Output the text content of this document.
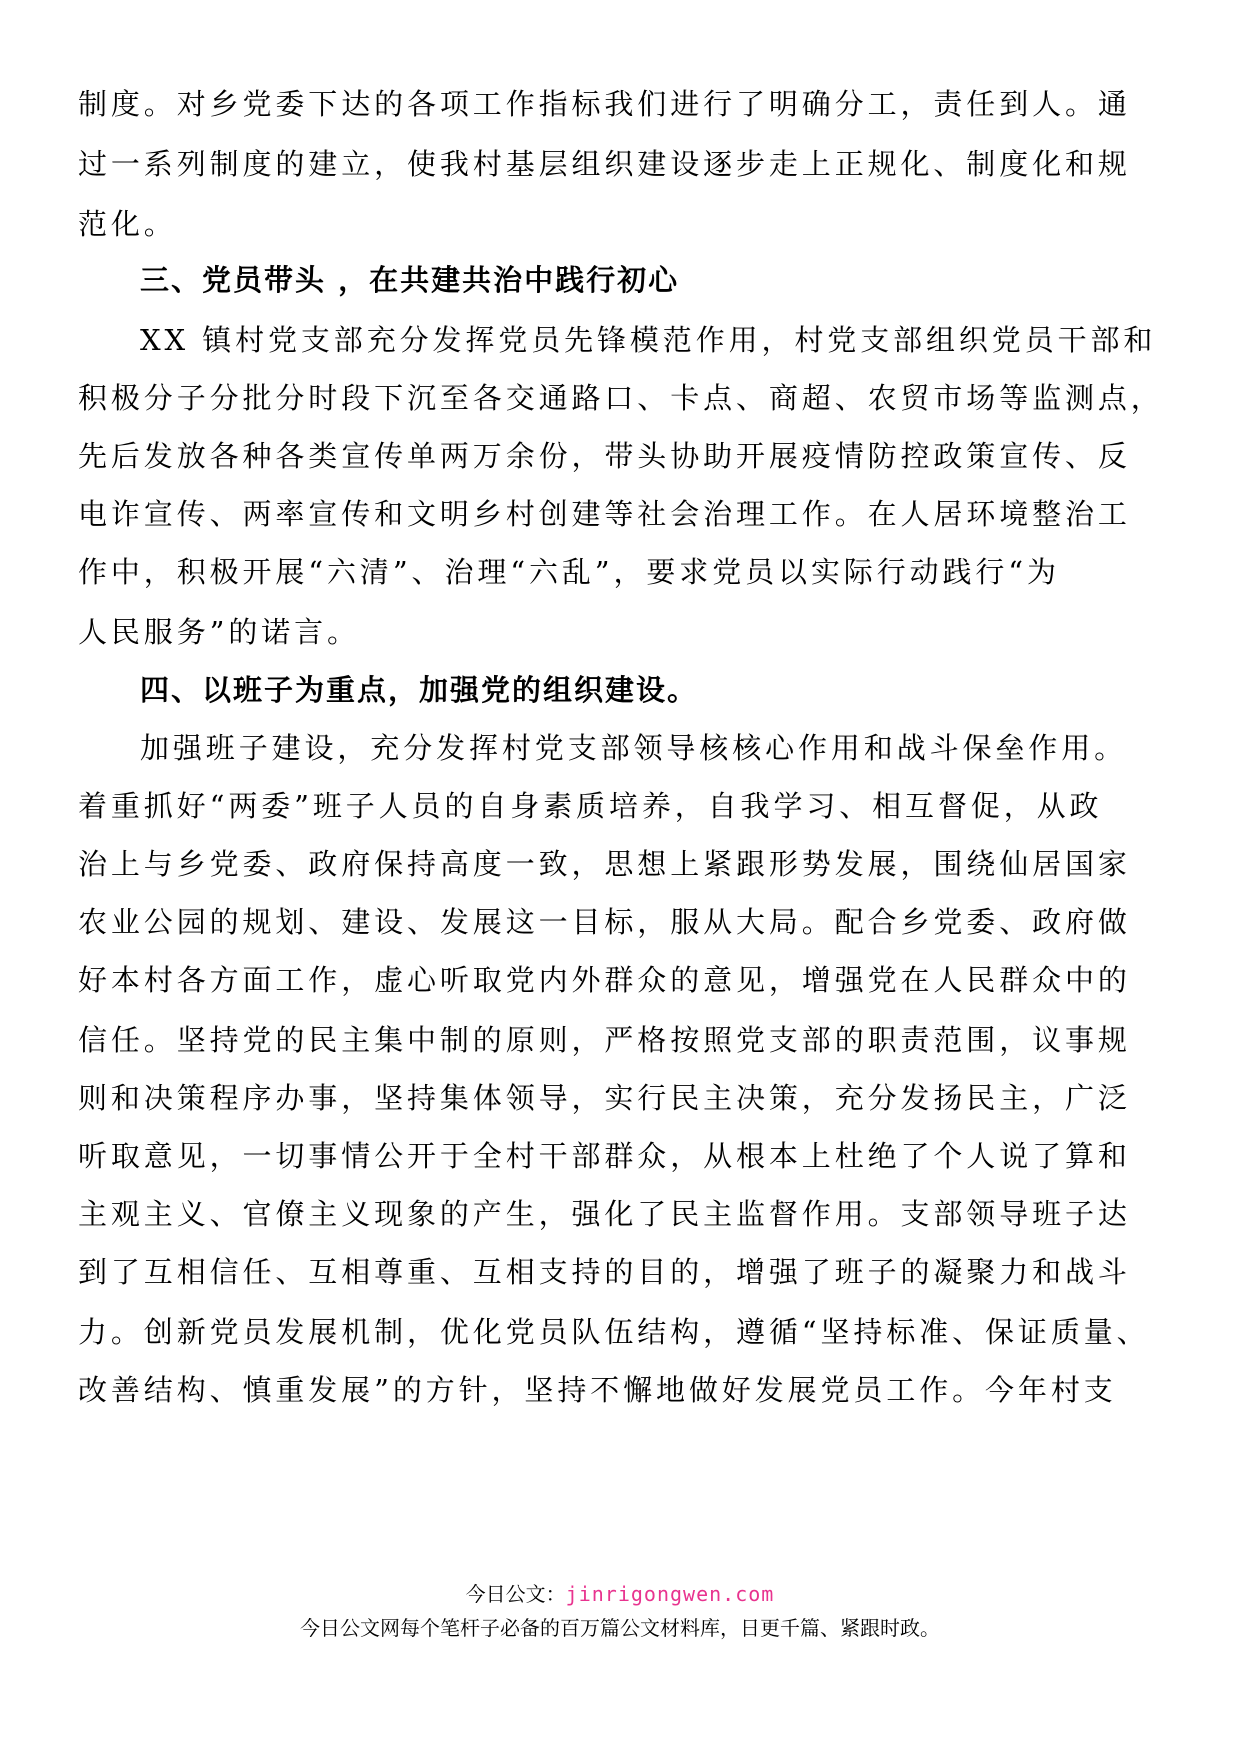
制度。对乡党委下达的各项工作指标我们进行了明确分工，责任到人。通
过一系列制度的建立，使我村基层组织建设逐步走上正规化、制度化和规
范化。
三、党员带头 ，在共建共治中践行初心
XX 镇村党支部充分发挥党员先锋模范作用，村党支部组织党员干部和
积极分子分批分时段下沉至各交通路口、卡点、商超、农贸市场等监测点，
先后发放各种各类宣传单两万余份，带头协助开展疫情防控政策宣传、反
电诈宣传、两率宣传和文明乡村创建等社会治理工作。在人居环境整治工
作中，积极开展“六清”、治理“六乱”，要求党员以实际行动践行“为
人民服务”的诺言。
四、以班子为重点，加强党的组织建设。
加强班子建设，充分发挥村党支部领导核核心作用和战斗保垒作用。
着重抓好“两委”班子人员的自身素质培养，自我学习、相互督促，从政
治上与乡党委、政府保持高度一致，思想上紧跟形势发展，围绕仙居国家
农业公园的规划、建设、发展这一目标，服从大局。配合乡党委、政府做
好本村各方面工作，虚心听取党内外群众的意见，增强党在人民群众中的
信任。坚持党的民主集中制的原则，严格按照党支部的职责范围，议事规
则和决策程序办事，坚持集体领导，实行民主决策，充分发扬民主，广泛
听取意见，一切事情公开于全村干部群众，从根本上杜绝了个人说了算和
主观主义、官僚主义现象的产生，强化了民主监督作用。支部领导班子达
到了互相信任、互相尊重、互相支持的目的，增强了班子的凝聚力和战斗
力。创新党员发展机制，优化党员队伍结构，遵循“坚持标准、保证质量、
改善结构、慎重发展”的方针，坚持不懈地做好发展党员工作。今年村支
今日公文：jinrigongwen.com
今日公文网每个笔杆子必备的百万篇公文材料库，日更千篇、紧跟时政。
